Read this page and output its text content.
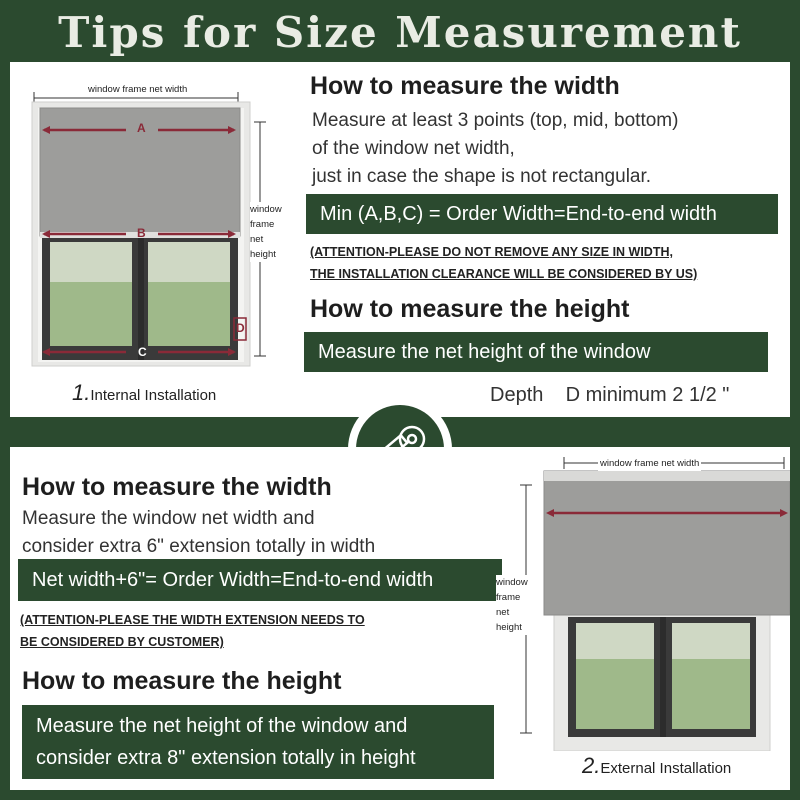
Tips for Size Measurement
window frame net width
window
frame
net
height
A
B
C
D
1.Internal Installation
How to measure the width
Measure at least 3 points (top, mid, bottom)
of the window net width,
just in case the shape is not rectangular.
Min (A,B,C) = Order Width=End-to-end width
(ATTENTION-PLEASE DO NOT REMOVE ANY SIZE IN WIDTH,
THE INSTALLATION CLEARANCE WILL BE CONSIDERED BY US)
How to measure the height
Measure the net height of the window
Depth    D minimum 2 1/2 "
How to measure the width
Measure the window net width and
consider extra 6" extension totally in width
Net width+6"= Order Width=End-to-end width
(ATTENTION-PLEASE THE WIDTH EXTENSION NEEDS TO
BE CONSIDERED BY CUSTOMER)
How to measure the height
Measure the net height of the window and
consider extra 8" extension totally in height
window frame net width
window
frame
net
height
2.External Installation
